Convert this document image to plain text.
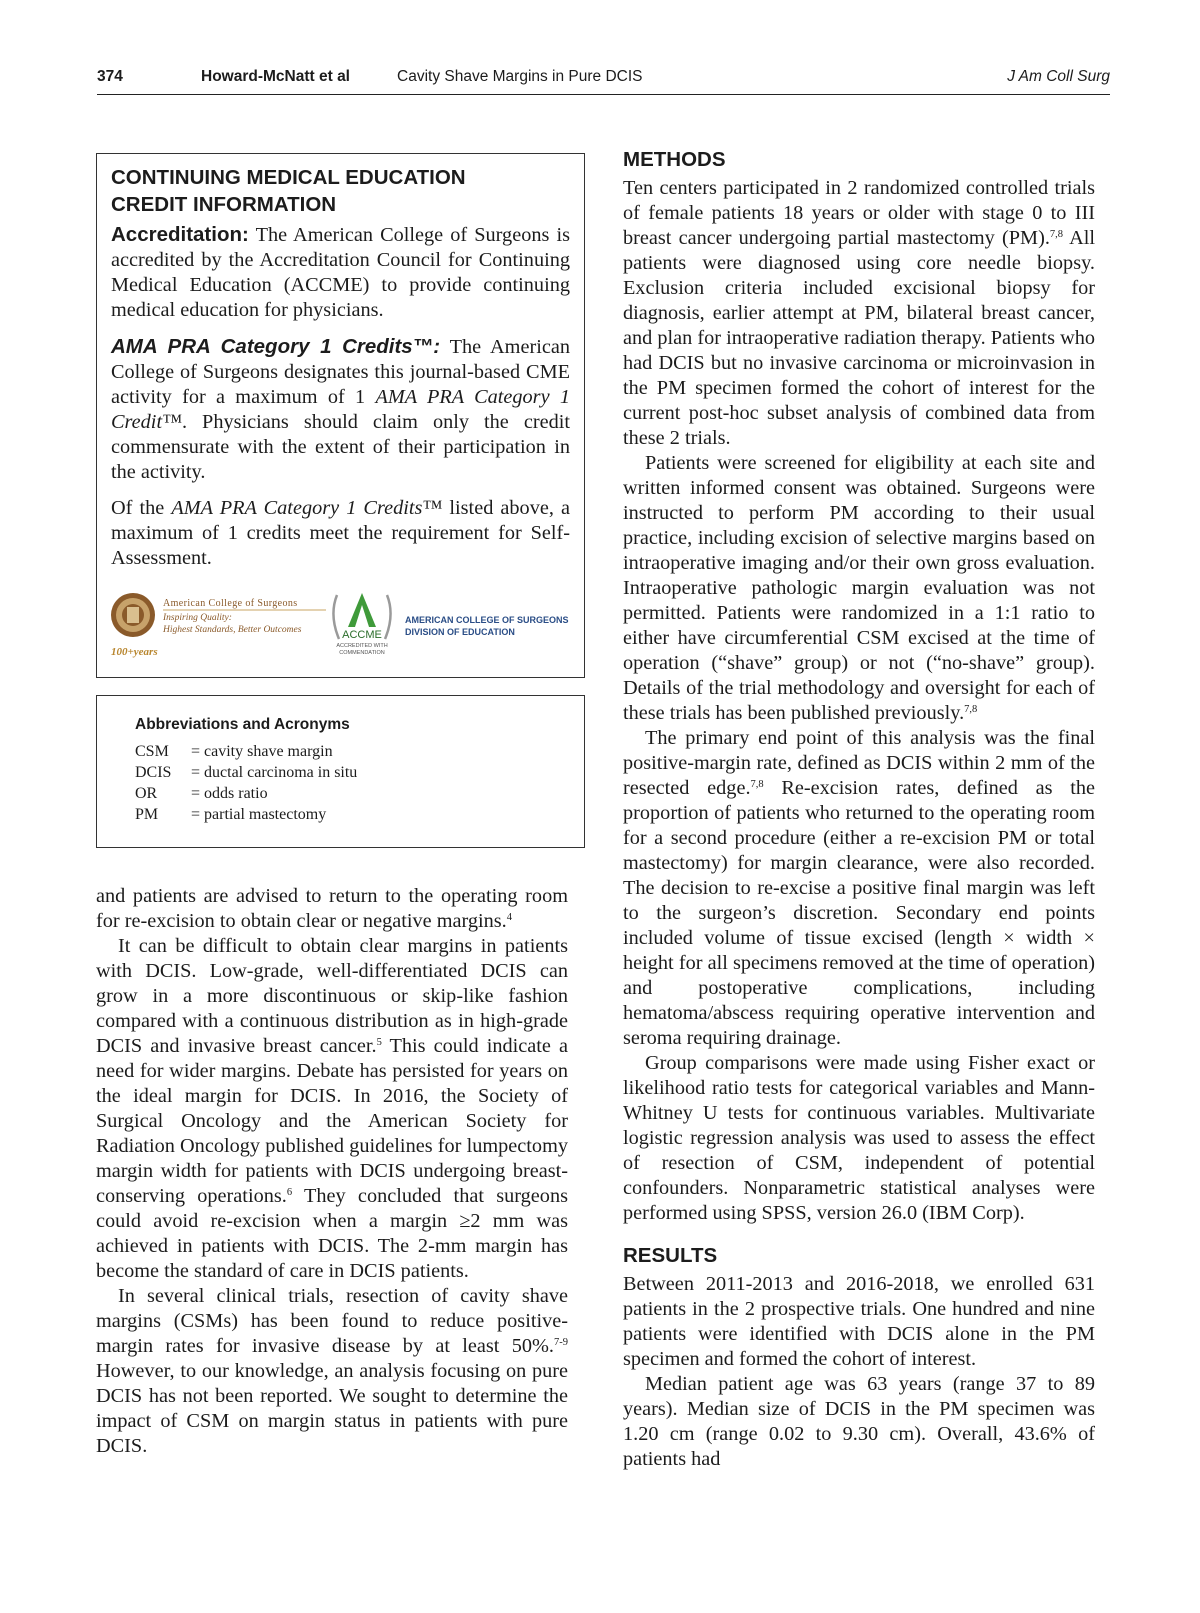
374	Howard-McNatt et al	Cavity Shave Margins in Pure DCIS	J Am Coll Surg
CONTINUING MEDICAL EDUCATION
CREDIT INFORMATION

Accreditation: The American College of Surgeons is accredited by the Accreditation Council for Continuing Medical Education (ACCME) to provide continuing medical education for physicians.

AMA PRA Category 1 Credits™: The American College of Surgeons designates this journal-based CME activity for a maximum of 1 AMA PRA Category 1 Credit™. Physicians should claim only the credit commensurate with the extent of their participation in the activity.

Of the AMA PRA Category 1 Credits™ listed above, a maximum of 1 credits meet the requirement for Self-Assessment.

100+years
American College of Surgeons
Inspiring Quality:
Highest Standards, Better Outcomes	ACCME
ACCREDITED WITH
COMMENDATION
AMERICAN COLLEGE OF SURGEONS
DIVISION OF EDUCATION
Abbreviations and Acronyms
CSM = cavity shave margin
DCIS = ductal carcinoma in situ
OR = odds ratio
PM = partial mastectomy

and patients are advised to return to the operating room for re-excision to obtain clear or negative margins.$^4$

It can be difficult to obtain clear margins in patients with DCIS. Low-grade, well-differentiated DCIS can grow in a more discontinuous or skip-like fashion compared with a continuous distribution as in high-grade DCIS and invasive breast cancer.$^5$ This could indicate a need for wider margins. Debate has persisted for years on the ideal margin for DCIS. In 2016, the Society of Surgical Oncology and the American Society for Radiation Oncology published guidelines for lumpectomy margin width for patients with DCIS undergoing breast-conserving operations.$^6$ They concluded that surgeons could avoid re-excision when a margin ≥2 mm was achieved in patients with DCIS. The 2-mm margin has become the standard of care in DCIS patients.

In several clinical trials, resection of cavity shave margins (CSMs) has been found to reduce positive-margin rates for invasive disease by at least 50%.$^{7-9}$ However, to our knowledge, an analysis focusing on pure DCIS has not been reported. We sought to determine the impact of CSM on margin status in patients with pure DCIS.

METHODS

Ten centers participated in 2 randomized controlled trials of female patients 18 years or older with stage 0 to III breast cancer undergoing partial mastectomy (PM).$^{7,8}$ All patients were diagnosed using core needle biopsy. Exclusion criteria included excisional biopsy for diagnosis, earlier attempt at PM, bilateral breast cancer, and plan for intraoperative radiation therapy. Patients who had DCIS but no invasive carcinoma or microinvasion in the PM specimen formed the cohort of interest for the current post-hoc subset analysis of combined data from these 2 trials.

Patients were screened for eligibility at each site and written informed consent was obtained. Surgeons were instructed to perform PM according to their usual practice, including excision of selective margins based on intraoperative imaging and/or their own gross evaluation. Intraoperative pathologic margin evaluation was not permitted. Patients were randomized in a 1:1 ratio to either have circumferential CSM excised at the time of operation (“shave” group) or not (“no-shave” group). Details of the trial methodology and oversight for each of these trials has been published previously.$^{7,8}$

The primary end point of this analysis was the final positive-margin rate, defined as DCIS within 2 mm of the resected edge.$^{7,8}$ Re-excision rates, defined as the proportion of patients who returned to the operating room for a second procedure (either a re-excision PM or total mastectomy) for margin clearance, were also recorded. The decision to re-excise a positive final margin was left to the surgeon’s discretion. Secondary end points included volume of tissue excised (length × width × height for all specimens removed at the time of operation) and postoperative complications, including hematoma/abscess requiring operative intervention and seroma requiring drainage.

Group comparisons were made using Fisher exact or likelihood ratio tests for categorical variables and Mann-Whitney U tests for continuous variables. Multivariate logistic regression analysis was used to assess the effect of resection of CSM, independent of potential confounders. Nonparametric statistical analyses were performed using SPSS, version 26.0 (IBM Corp).

RESULTS

Between 2011-2013 and 2016-2018, we enrolled 631 patients in the 2 prospective trials. One hundred and nine patients were identified with DCIS alone in the PM specimen and formed the cohort of interest.

Median patient age was 63 years (range 37 to 89 years). Median size of DCIS in the PM specimen was 1.20 cm (range 0.02 to 9.30 cm). Overall, 43.6% of patients had
